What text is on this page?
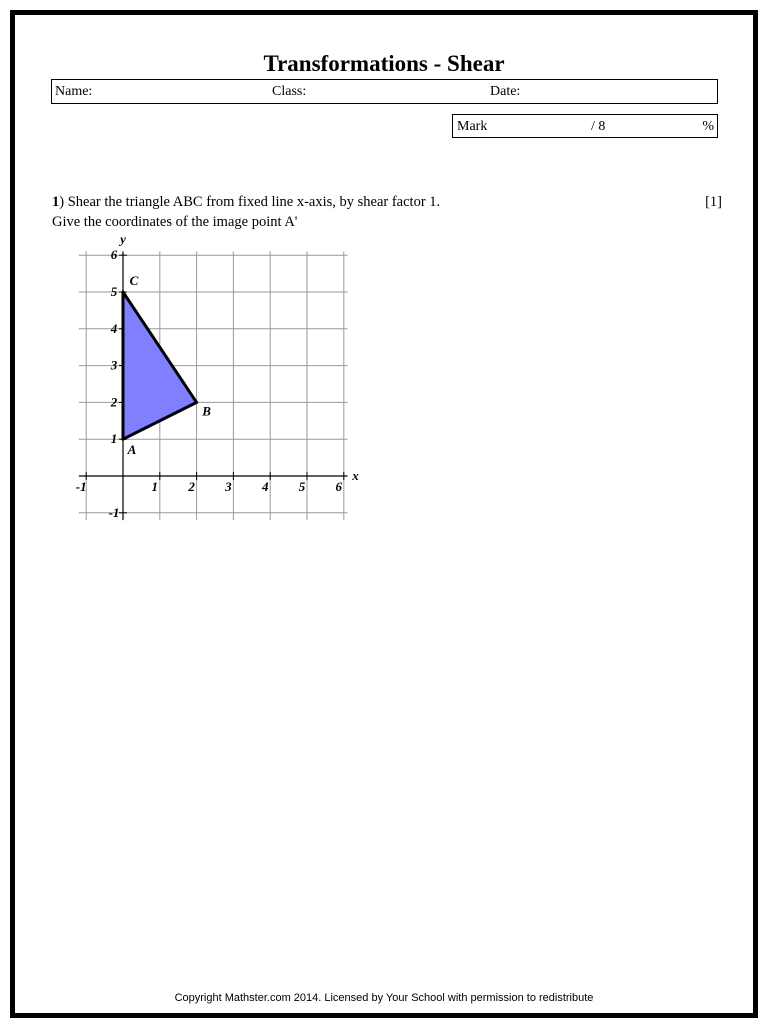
Transformations - Shear
Name:	Class:	Date:
Mark	/ 8	%
1) Shear the triangle ABC from fixed line x-axis, by shear factor 1.
Give the coordinates of the image point A'
[1]
-1	1 2 3 4 5 6
-1
1
2
3
4
5
6
x
y
A
B
C
Copyright Mathster.com 2014. Licensed by Your School with permission to redistribute
